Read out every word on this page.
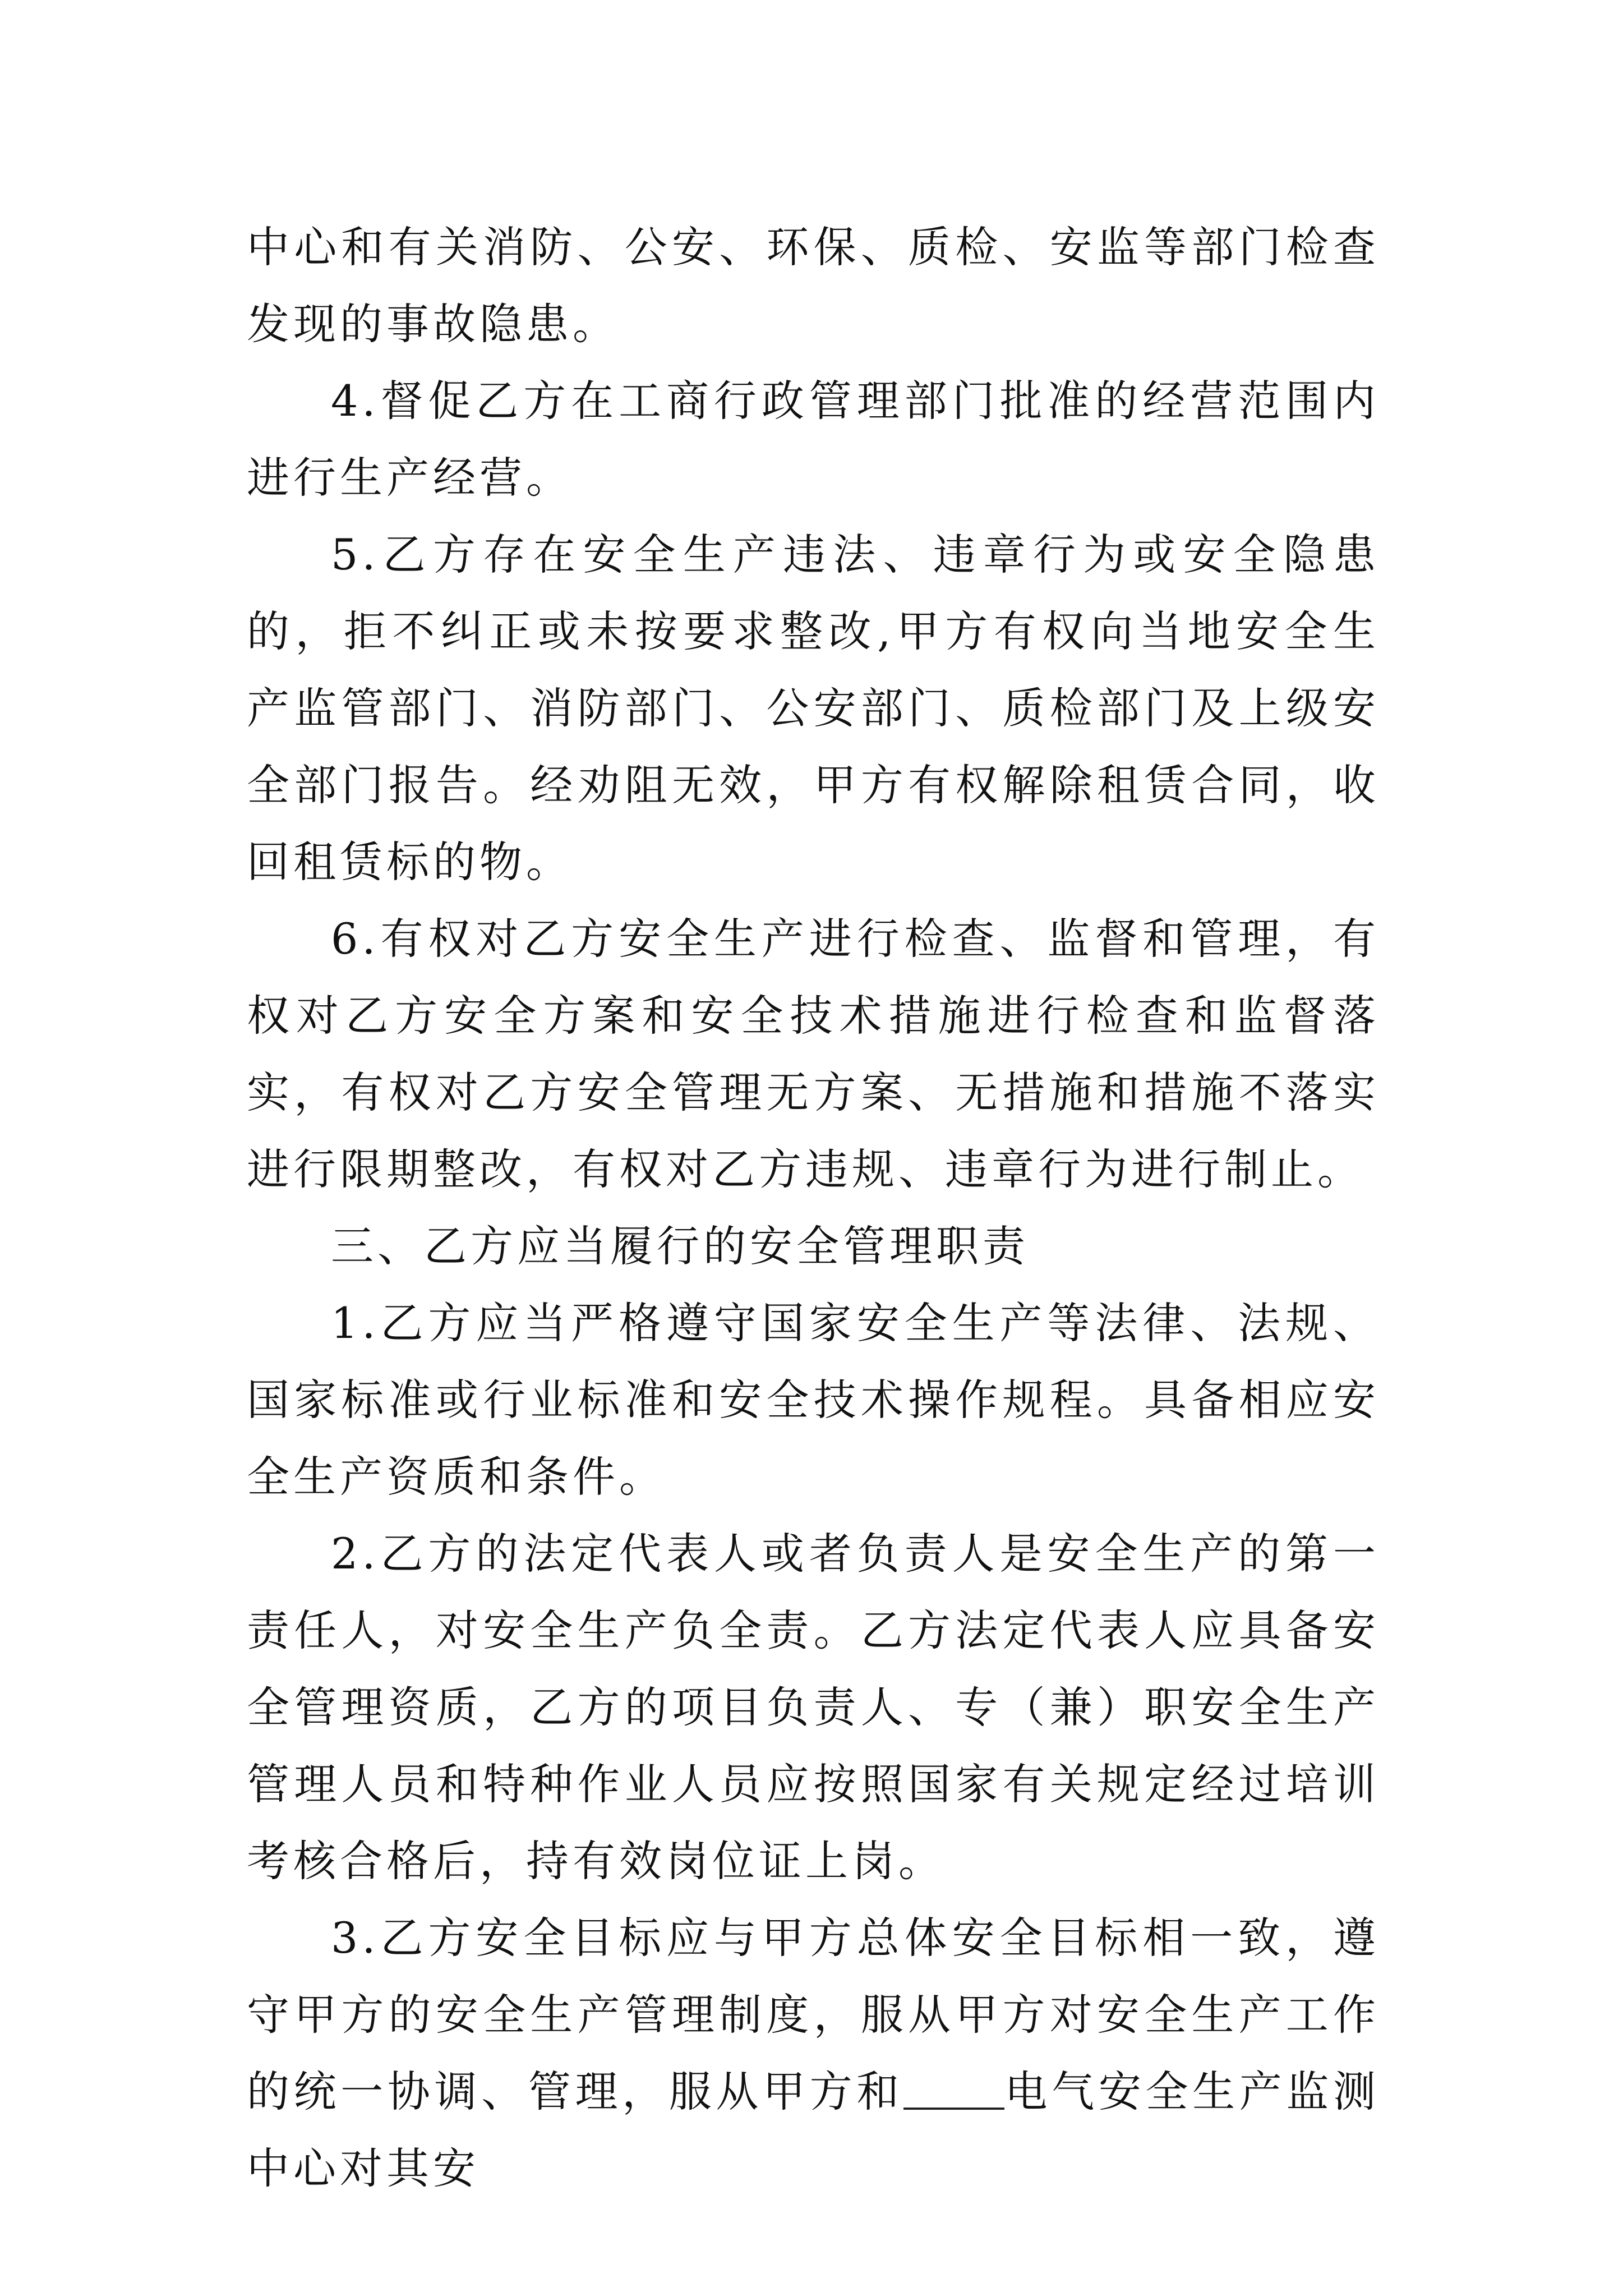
中心和有关消防、公安、环保、质检、安监等部门检查发现的事故隐患。

4.督促乙方在工商行政管理部门批准的经营范围内进行生产经营。

5.乙方存在安全生产违法、违章行为或安全隐患的，拒不纠正或未按要求整改,甲方有权向当地安全生产监管部门、消防部门、公安部门、质检部门及上级安全部门报告。经劝阻无效，甲方有权解除租赁合同，收回租赁标的物。

6.有权对乙方安全生产进行检查、监督和管理，有权对乙方安全方案和安全技术措施进行检查和监督落实，有权对乙方安全管理无方案、无措施和措施不落实进行限期整改，有权对乙方违规、违章行为进行制止。

三、乙方应当履行的安全管理职责

1.乙方应当严格遵守国家安全生产等法律、法规、国家标准或行业标准和安全技术操作规程。具备相应安全生产资质和条件。

2.乙方的法定代表人或者负责人是安全生产的第一责任人，对安全生产负全责。乙方法定代表人应具备安全管理资质，乙方的项目负责人、专（兼）职安全生产管理人员和特种作业人员应按照国家有关规定经过培训考核合格后，持有效岗位证上岗。

3.乙方安全目标应与甲方总体安全目标相一致，遵守甲方的安全生产管理制度，服从甲方对安全生产工作的统一协调、管理，服从甲方和 电气安全生产监测中心对其安
